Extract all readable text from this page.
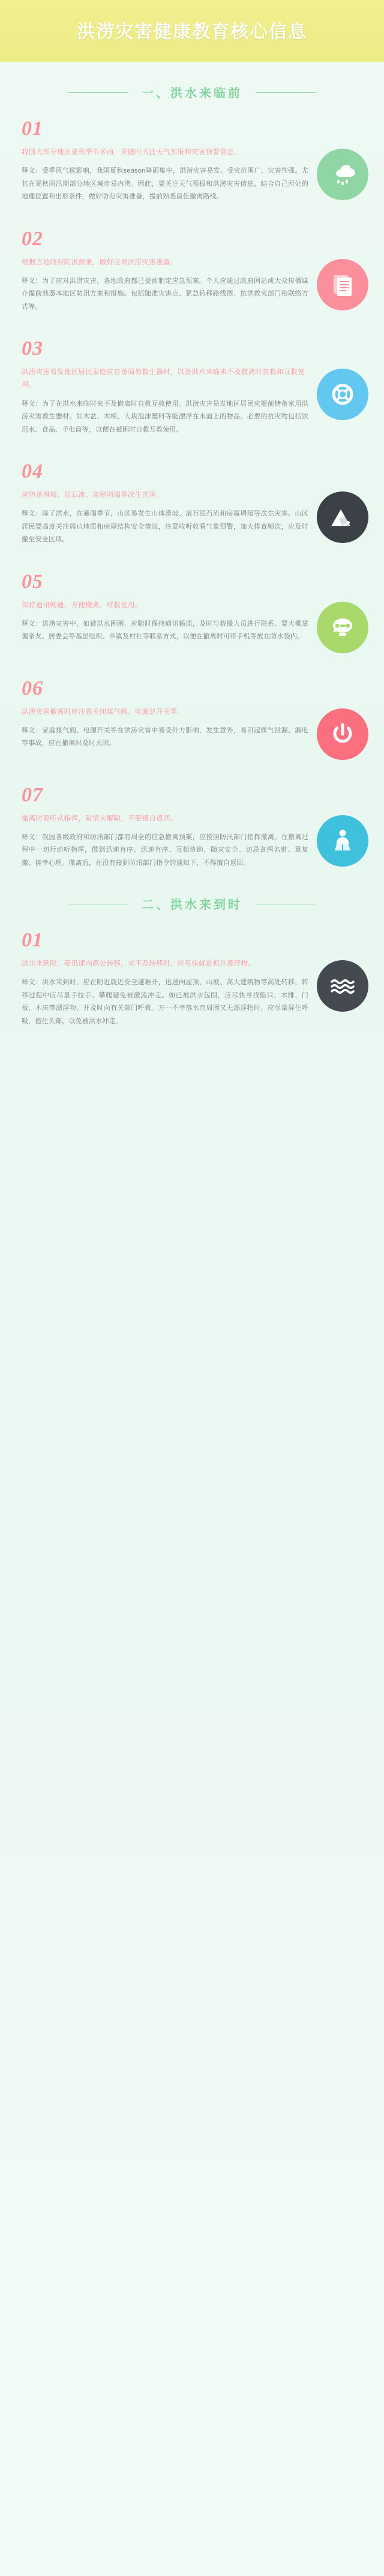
洪涝灾害健康教育核心信息
一、洪水来临前
01
我国大部分地区夏秋季节多雨，应随时关注天气预报和灾害预警信息。
释义：受季风气候影响，我国夏秋season降雨集中，洪涝灾害易发、受灾范围广、灾害性强。尤其在夏秋雨汛期部分地区城市易内涝。因此，要关注天气预报和洪涝灾害信息，结合自己所处的地理位置和出形条件，做好防范灾害准备，提前熟悉最佳撤离路线。
02
根据当地政府防汛预案，做好应对洪涝灾害准备。
释义：为了应对洪涝灾害，各地政府都已提前制定应急预案。个人应通过政府网站或大众传播媒介提前熟悉本地区防汛方案和措施。包括随准灾害点、紧急转移路线图、抗洪救灾部门和联络方式等。
03
洪涝灾害易发地区居民家庭应自备简易救生器材，以备洪水来临未不及撤离时自救和互救使用。
释义：为了在洪水来临时来不及撤离时自救互救使用。洪涝灾害易发地区居民应提前储备家用洪涝灾害救生器材。如木盆、木桶、大块泡沫塑料等能漂浮在水面上的物品。必要的抗灾物包括饮用水、食品、手电筒等，以便在被困时自救互救使用。
04
应防备滑坡、泥石流、房屋坍塌等次生灾害。
释义：除了洪水，在暴雨季节，山区易发生山体滑坡、滚石泥石流和房屋坍塌等次生灾害。山区居民要高度关注周边地质和房屋结构安全情况，注意收听收看气象预警，加大排查频次，应及时撤至安全区域。
05
保持通讯畅通，方便撤离、呼救使用。
释义：洪涝灾害中，如被洪水围困，应随时保持通讯畅通，及时与救援人员进行联系。要大概掌握亲友、居委会等基层组织、乡镇及村社等联系方式，以便在撤离时可将手机等放在防水袋内。
06
洪涝灾害撤离时应注意关闭煤气阀、电源总开关等。
释义：家庭煤气阀、电源开关等在洪涝灾害中易受外力影响，发生意外，易引起煤气泄漏、漏电等事故，应在撤离时及时关闭。
07
撤离时要听从指挥，险情未解除，不要擅自返回。
释义：我国各级政府和防汛部门都有周全的应急撤离预案，应按照防汛部门指挥撤离。在撤离过程中一切行动听指挥，做到迅速有序、迅速有序、互相协助，随灾安全。切忌贪图名财、重复撤、侥幸心理。撤离后，在没有接到防汛部门指令的通知下，不得擅自返回。
二、洪水来到时
01
洪水来到时，要迅速向高处转移，来不及转移时，应尽快就近抓住漂浮物。
释义：洪水来到时，应在附近就近安全避难开，迅速向屋顶、山坡、高大建筑物等高处转移，转移过程中应尽量手拉手、攀爬避免被激流冲走。如已被洪水包围，应尽快寻找船只、木排、门板、木床等漂浮物，并及时向有关部门呼救。万一不幸落水而周围又无漂浮物时，应尽量屏住呼吸，抱住头部，以免被洪水冲走。
